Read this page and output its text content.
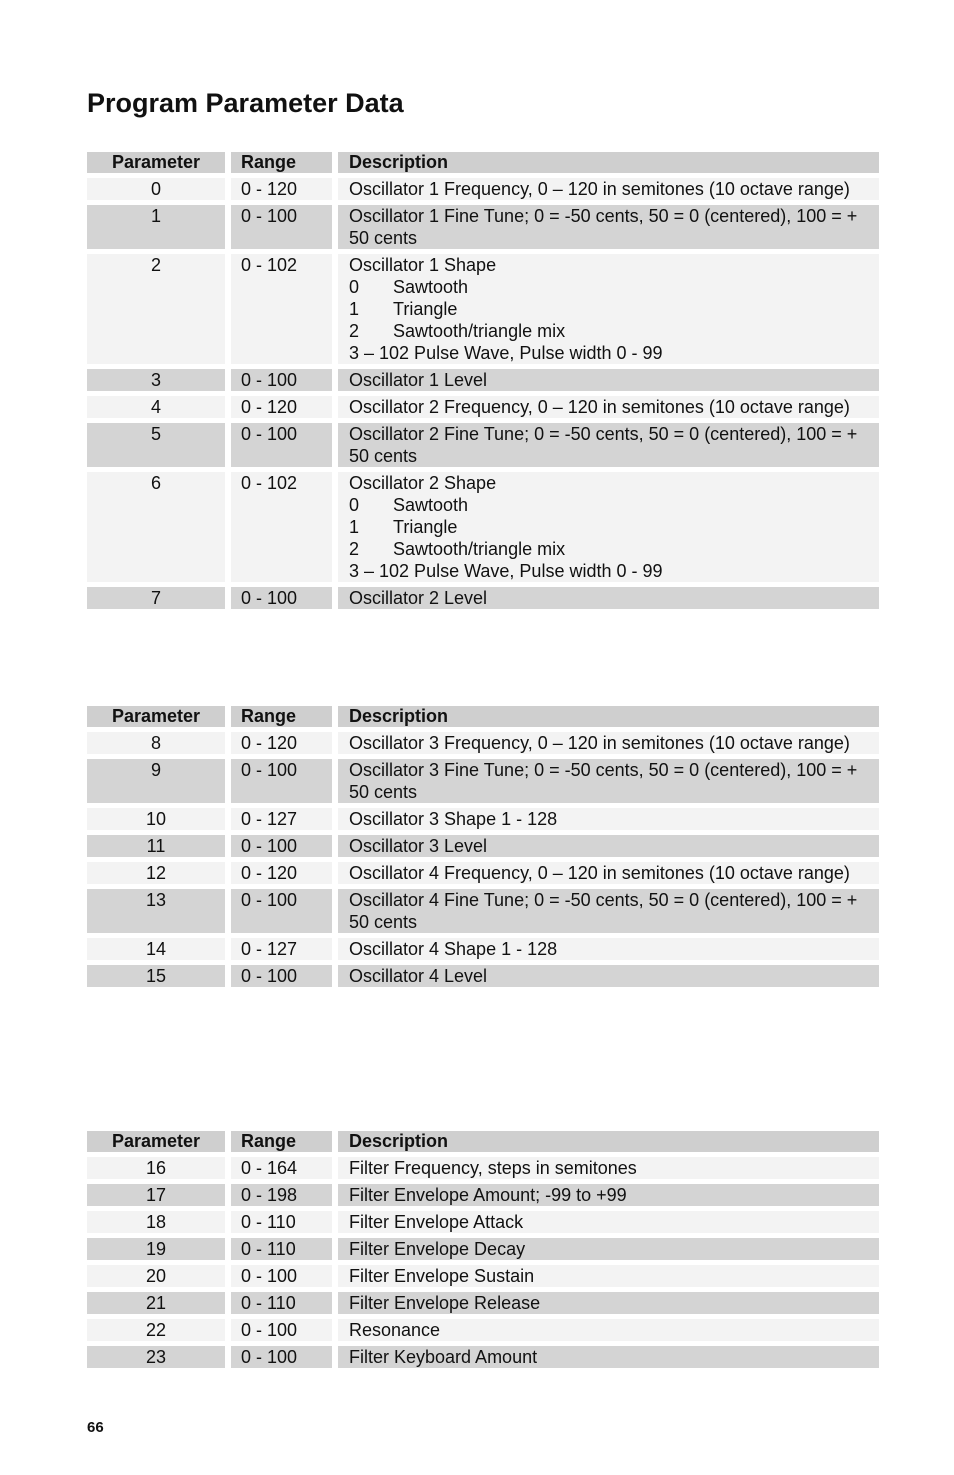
Program Parameter Data
Parameter		Range		Description
0		0 - 120		Oscillator 1 Frequency, 0 – 120 in semitones (10 octave range)
1		0 - 100		Oscillator 1 Fine Tune; 0 = -50 cents, 50 = 0 (centered), 100 = + 50 cents
2		0 - 102		Oscillator 1 Shape
0 Sawtooth
1 Triangle
2 Sawtooth/triangle mix
3 – 102 Pulse Wave, Pulse width 0 - 99

3		0 - 100		Oscillator 1 Level
4		0 - 120		Oscillator 2 Frequency, 0 – 120 in semitones (10 octave range)
5		0 - 100		Oscillator 2 Fine Tune; 0 = -50 cents, 50 = 0 (centered), 100 = + 50 cents
6		0 - 102		Oscillator 2 Shape
0 Sawtooth
1 Triangle
2 Sawtooth/triangle mix
3 – 102 Pulse Wave, Pulse width 0 - 99

7		0 - 100		Oscillator 2 Level
Parameter		Range		Description
8		0 - 120		Oscillator 3 Frequency, 0 – 120 in semitones (10 octave range)
9		0 - 100		Oscillator 3 Fine Tune; 0 = -50 cents, 50 = 0 (centered), 100 = + 50 cents
10		0 - 127		Oscillator 3 Shape 1 - 128
11		0 - 100		Oscillator 3 Level
12		0 - 120		Oscillator 4 Frequency, 0 – 120 in semitones (10 octave range)
13		0 - 100		Oscillator 4 Fine Tune; 0 = -50 cents, 50 = 0 (centered), 100 = + 50 cents
14		0 - 127		Oscillator 4 Shape 1 - 128
15		0 - 100		Oscillator 4 Level
Parameter		Range		Description
16		0 - 164		Filter Frequency, steps in semitones
17		0 - 198		Filter Envelope Amount; -99 to +99
18		0 - 110		Filter Envelope Attack
19		0 - 110		Filter Envelope Decay
20		0 - 100		Filter Envelope Sustain
21		0 - 110		Filter Envelope Release
22		0 - 100		Resonance
23		0 - 100		Filter Keyboard Amount
66
